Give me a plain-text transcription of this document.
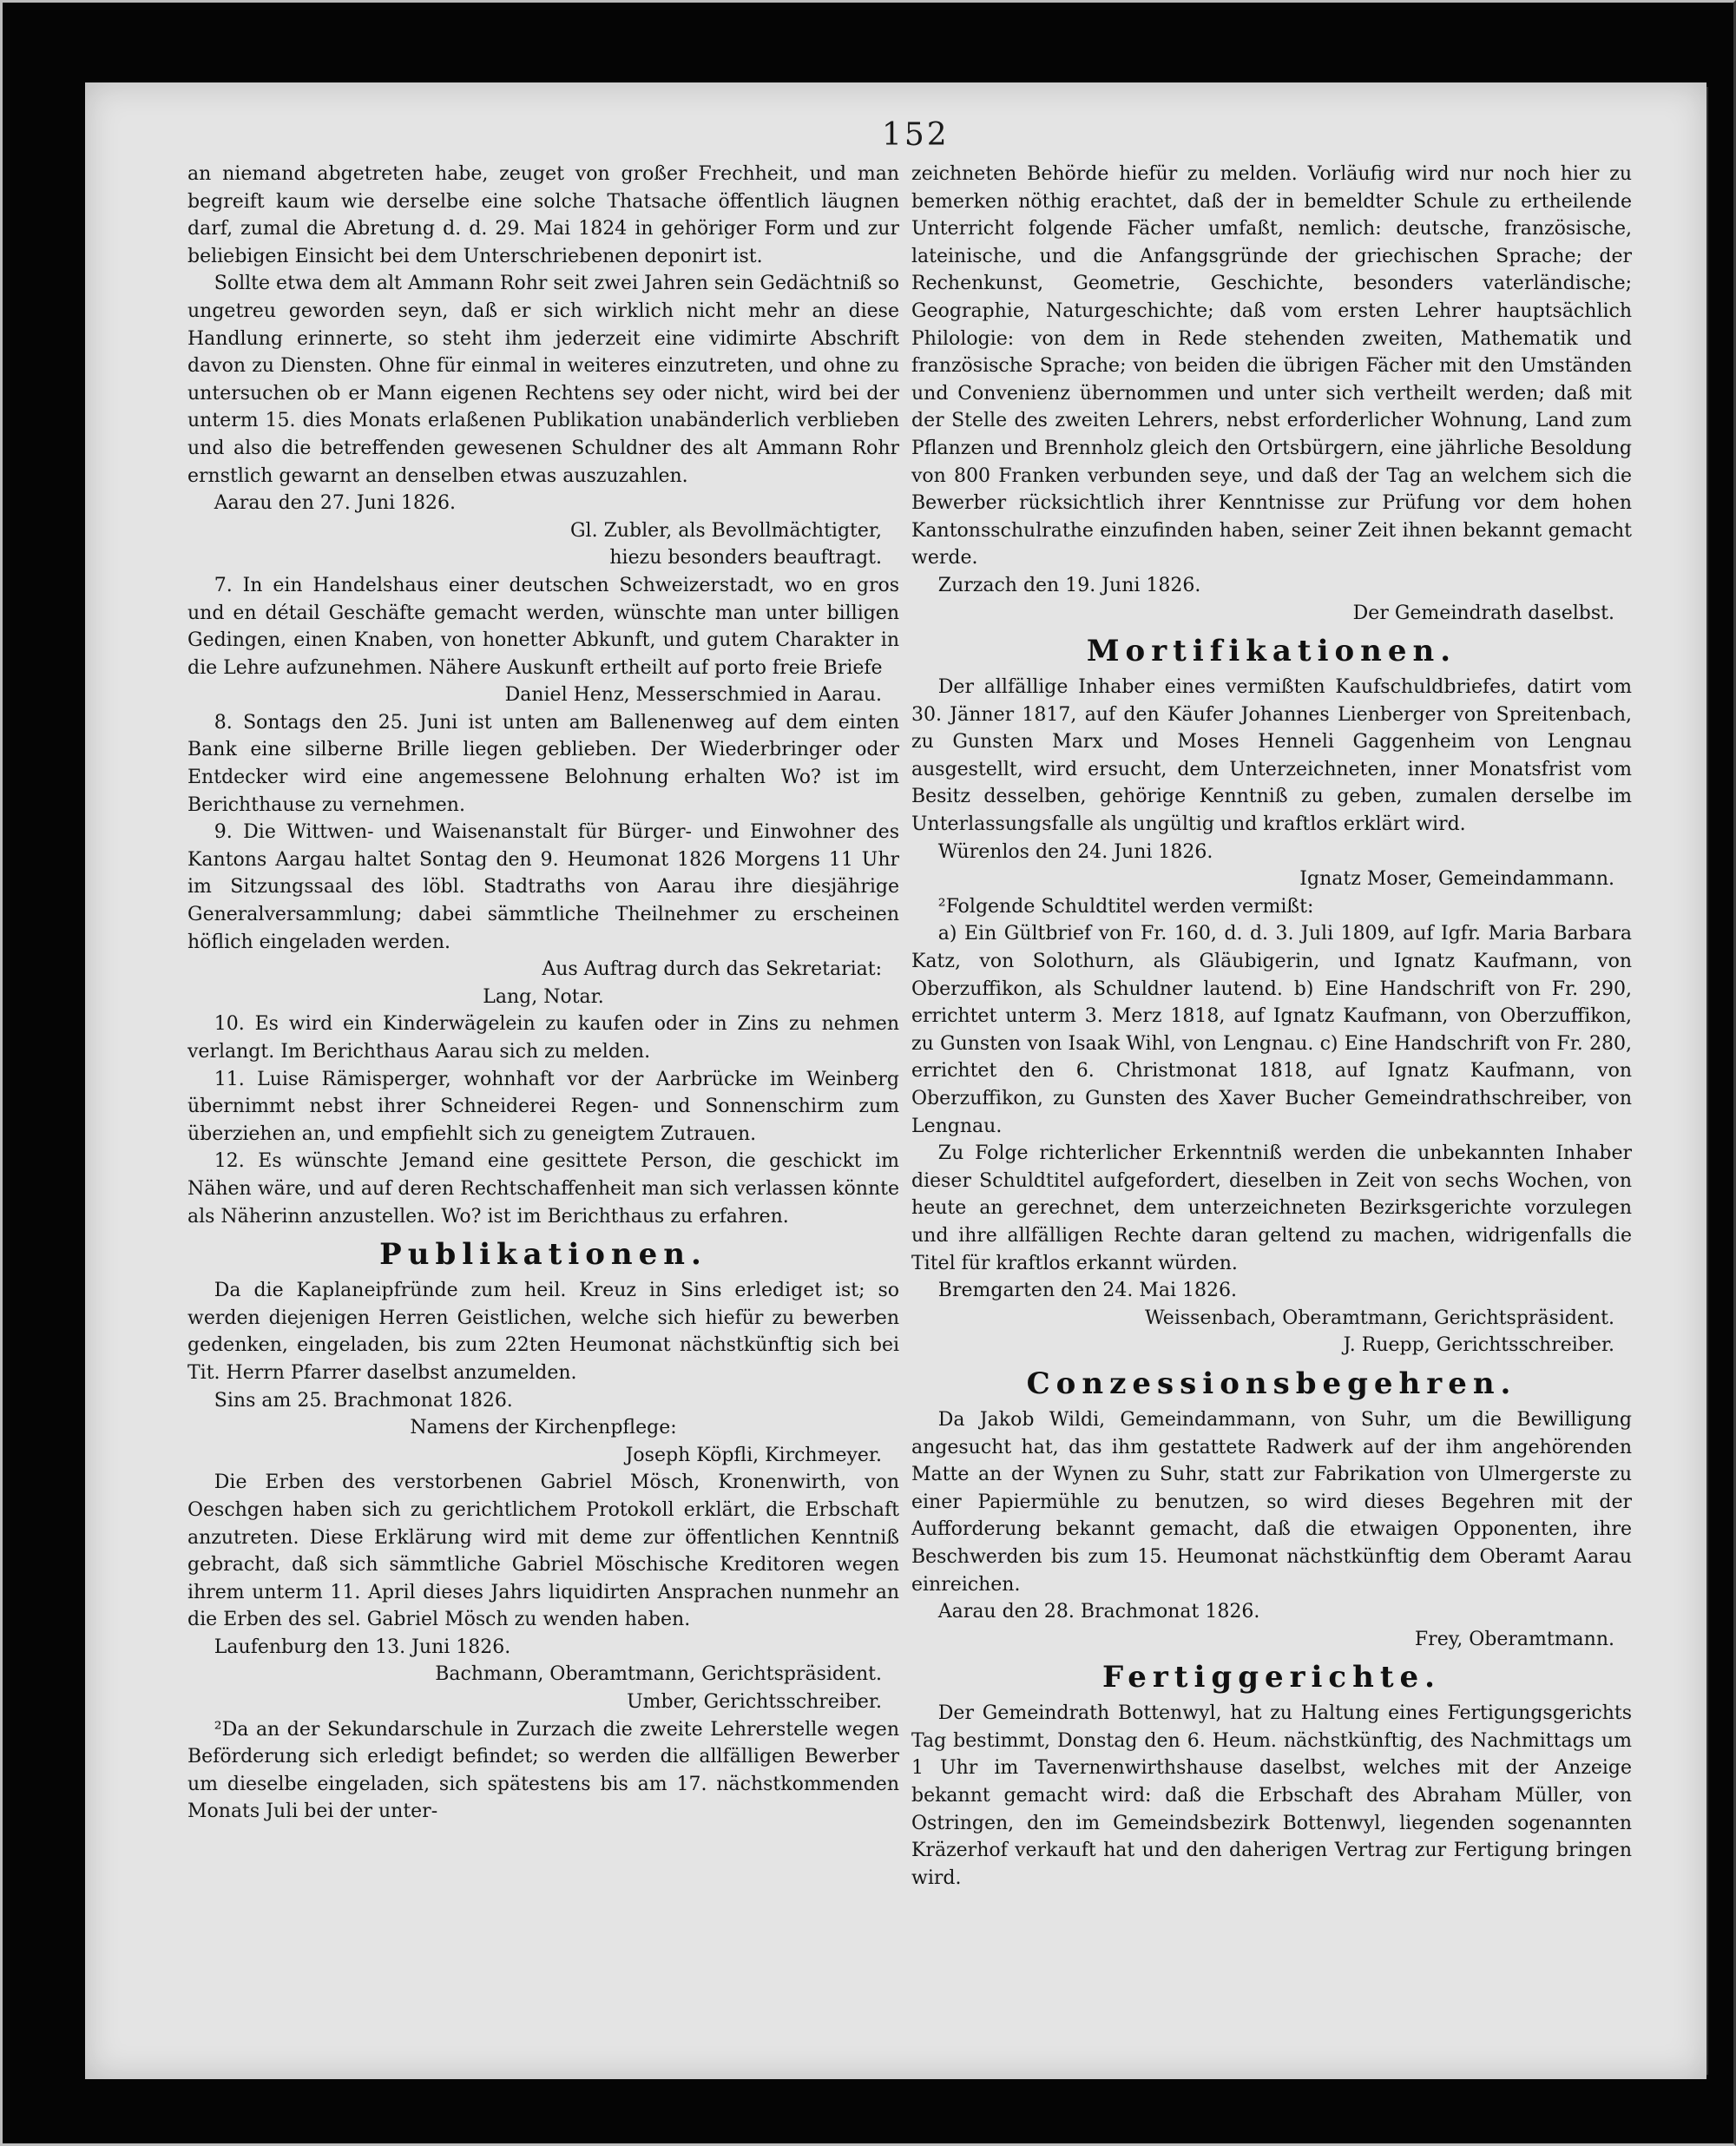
152

an niemand abgetreten habe, zeuget von großer Frechheit, und man begreift kaum wie derselbe eine solche Thatsache öffentlich läugnen darf, zumal die Abretung d. d. 29. Mai 1824 in gehöriger Form und zur beliebigen Einsicht bei dem Unterschriebenen deponirt ist.

Sollte etwa dem alt Ammann Rohr seit zwei Jahren sein Gedächtniß so ungetreu geworden seyn, daß er sich wirklich nicht mehr an diese Handlung erinnerte, so steht ihm jederzeit eine vidimirte Abschrift davon zu Diensten. Ohne für einmal in weiteres einzutreten, und ohne zu untersuchen ob er Mann eigenen Rechtens sey oder nicht, wird bei der unterm 15. dies Monats erlaßenen Publikation unabänderlich verblieben und also die betreffenden gewesenen Schuldner des alt Ammann Rohr ernstlich gewarnt an denselben etwas auszuzahlen.

Aarau den 27. Juni 1826.

Gl. Zubler, als Bevollmächtigter,

hiezu besonders beauftragt.

7. In ein Handelshaus einer deutschen Schweizerstadt, wo en gros und en détail Geschäfte gemacht werden, wünschte man unter billigen Gedingen, einen Knaben, von honetter Abkunft, und gutem Charakter in die Lehre aufzunehmen. Nähere Auskunft ertheilt auf porto freie Briefe

Daniel Henz, Messerschmied in Aarau.

8. Sontags den 25. Juni ist unten am Ballenenweg auf dem einten Bank eine silberne Brille liegen geblieben. Der Wiederbringer oder Entdecker wird eine angemessene Belohnung erhalten Wo? ist im Berichthause zu vernehmen.

9. Die Wittwen- und Waisenanstalt für Bürger- und Einwohner des Kantons Aargau haltet Sontag den 9. Heumonat 1826 Morgens 11 Uhr im Sitzungssaal des löbl. Stadtraths von Aarau ihre diesjährige Generalversammlung; dabei sämmtliche Theilnehmer zu erscheinen höflich eingeladen werden.

Aus Auftrag durch das Sekretariat:

Lang, Notar.

10. Es wird ein Kinderwägelein zu kaufen oder in Zins zu nehmen verlangt. Im Berichthaus Aarau sich zu melden.

11. Luise Rämisperger, wohnhaft vor der Aarbrücke im Weinberg übernimmt nebst ihrer Schneiderei Regen- und Sonnenschirm zum überziehen an, und empfiehlt sich zu geneigtem Zutrauen.

12. Es wünschte Jemand eine gesittete Person, die geschickt im Nähen wäre, und auf deren Rechtschaffenheit man sich verlassen könnte als Näherinn anzustellen. Wo? ist im Berichthaus zu erfahren.

Publikationen.

Da die Kaplaneipfründe zum heil. Kreuz in Sins erlediget ist; so werden diejenigen Herren Geistlichen, welche sich hiefür zu bewerben gedenken, eingeladen, bis zum 22ten Heumonat nächstkünftig sich bei Tit. Herrn Pfarrer daselbst anzumelden.

Sins am 25. Brachmonat 1826.

Namens der Kirchenpflege:

Joseph Köpfli, Kirchmeyer.

Die Erben des verstorbenen Gabriel Mösch, Kronenwirth, von Oeschgen haben sich zu gerichtlichem Protokoll erklärt, die Erbschaft anzutreten. Diese Erklärung wird mit deme zur öffentlichen Kenntniß gebracht, daß sich sämmtliche Gabriel Möschische Kreditoren wegen ihrem unterm 11. April dieses Jahrs liquidirten Ansprachen nunmehr an die Erben des sel. Gabriel Mösch zu wenden haben.

Laufenburg den 13. Juni 1826.

Bachmann, Oberamtmann, Gerichtspräsident.

Umber, Gerichtsschreiber.

²Da an der Sekundarschule in Zurzach die zweite Lehrerstelle wegen Beförderung sich erledigt befindet; so werden die allfälligen Bewerber um dieselbe eingeladen, sich spätestens bis am 17. nächstkommenden Monats Juli bei der unter-

zeichneten Behörde hiefür zu melden. Vorläufig wird nur noch hier zu bemerken nöthig erachtet, daß der in bemeldter Schule zu ertheilende Unterricht folgende Fächer umfaßt, nemlich: deutsche, französische, lateinische, und die Anfangsgründe der griechischen Sprache; der Rechenkunst, Geometrie, Geschichte, besonders vaterländische; Geographie, Naturgeschichte; daß vom ersten Lehrer hauptsächlich Philologie: von dem in Rede stehenden zweiten, Mathematik und französische Sprache; von beiden die übrigen Fächer mit den Umständen und Convenienz übernommen und unter sich vertheilt werden; daß mit der Stelle des zweiten Lehrers, nebst erforderlicher Wohnung, Land zum Pflanzen und Brennholz gleich den Ortsbürgern, eine jährliche Besoldung von 800 Franken verbunden seye, und daß der Tag an welchem sich die Bewerber rücksichtlich ihrer Kenntnisse zur Prüfung vor dem hohen Kantonsschulrathe einzufinden haben, seiner Zeit ihnen bekannt gemacht werde.

Zurzach den 19. Juni 1826.

Der Gemeindrath daselbst.

Mortifikationen.

Der allfällige Inhaber eines vermißten Kaufschuldbriefes, datirt vom 30. Jänner 1817, auf den Käufer Johannes Lienberger von Spreitenbach, zu Gunsten Marx und Moses Henneli Gaggenheim von Lengnau ausgestellt, wird ersucht, dem Unterzeichneten, inner Monatsfrist vom Besitz desselben, gehörige Kenntniß zu geben, zumalen derselbe im Unterlassungsfalle als ungültig und kraftlos erklärt wird.

Würenlos den 24. Juni 1826.

Ignatz Moser, Gemeindammann.

²Folgende Schuldtitel werden vermißt:

a) Ein Gültbrief von Fr. 160, d. d. 3. Juli 1809, auf Igfr. Maria Barbara Katz, von Solothurn, als Gläubigerin, und Ignatz Kaufmann, von Oberzuffikon, als Schuldner lautend. b) Eine Handschrift von Fr. 290, errichtet unterm 3. Merz 1818, auf Ignatz Kaufmann, von Oberzuffikon, zu Gunsten von Isaak Wihl, von Lengnau. c) Eine Handschrift von Fr. 280, errichtet den 6. Christmonat 1818, auf Ignatz Kaufmann, von Oberzuffikon, zu Gunsten des Xaver Bucher Gemeindrathschreiber, von Lengnau.

Zu Folge richterlicher Erkenntniß werden die unbekannten Inhaber dieser Schuldtitel aufgefordert, dieselben in Zeit von sechs Wochen, von heute an gerechnet, dem unterzeichneten Bezirksgerichte vorzulegen und ihre allfälligen Rechte daran geltend zu machen, widrigenfalls die Titel für kraftlos erkannt würden.

Bremgarten den 24. Mai 1826.

Weissenbach, Oberamtmann, Gerichtspräsident.

J. Ruepp, Gerichtsschreiber.

Conzessionsbegehren.

Da Jakob Wildi, Gemeindammann, von Suhr, um die Bewilligung angesucht hat, das ihm gestattete Radwerk auf der ihm angehörenden Matte an der Wynen zu Suhr, statt zur Fabrikation von Ulmergerste zu einer Papiermühle zu benutzen, so wird dieses Begehren mit der Aufforderung bekannt gemacht, daß die etwaigen Opponenten, ihre Beschwerden bis zum 15. Heumonat nächstkünftig dem Oberamt Aarau einreichen.

Aarau den 28. Brachmonat 1826.

Frey, Oberamtmann.

Fertiggerichte.

Der Gemeindrath Bottenwyl, hat zu Haltung eines Fertigungsgerichts Tag bestimmt, Donstag den 6. Heum. nächstkünftig, des Nachmittags um 1 Uhr im Tavernenwirthshause daselbst, welches mit der Anzeige bekannt gemacht wird: daß die Erbschaft des Abraham Müller, von Ostringen, den im Gemeindsbezirk Bottenwyl, liegenden sogenannten Kräzerhof verkauft hat und den daherigen Vertrag zur Fertigung bringen wird.
